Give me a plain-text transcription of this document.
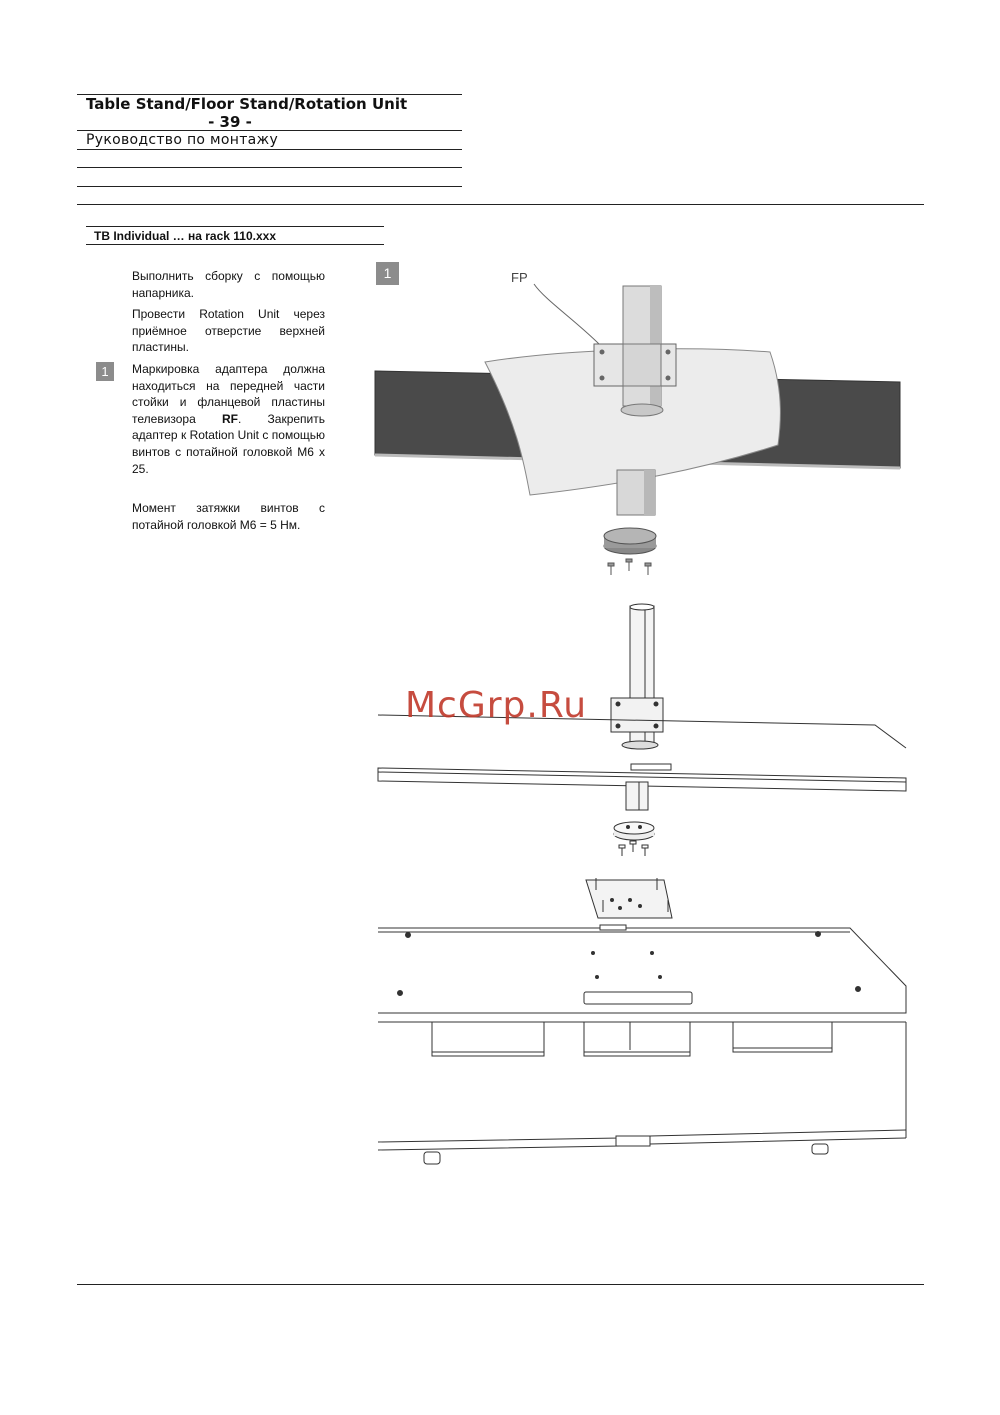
Table Stand/Floor Stand/Rotation Unit
- 39 -
Руководство по монтажу
TB Individual … на rack 110.xxx

Выполнить сборку с помощью напарника.

Провести Rotation Unit через приёмное отверстие верхней пластины.

1	Маркировка адаптера должна находиться на передней части стойки и фланцевой пластины телевизора RF. Закрепить адаптер к Rotation Unit с помощью винтов с потайной головкой M6 x 25.

Момент затяжки винтов с потайной головкой M6 = 5 Нм.

1	FP
McGrp.Ru
